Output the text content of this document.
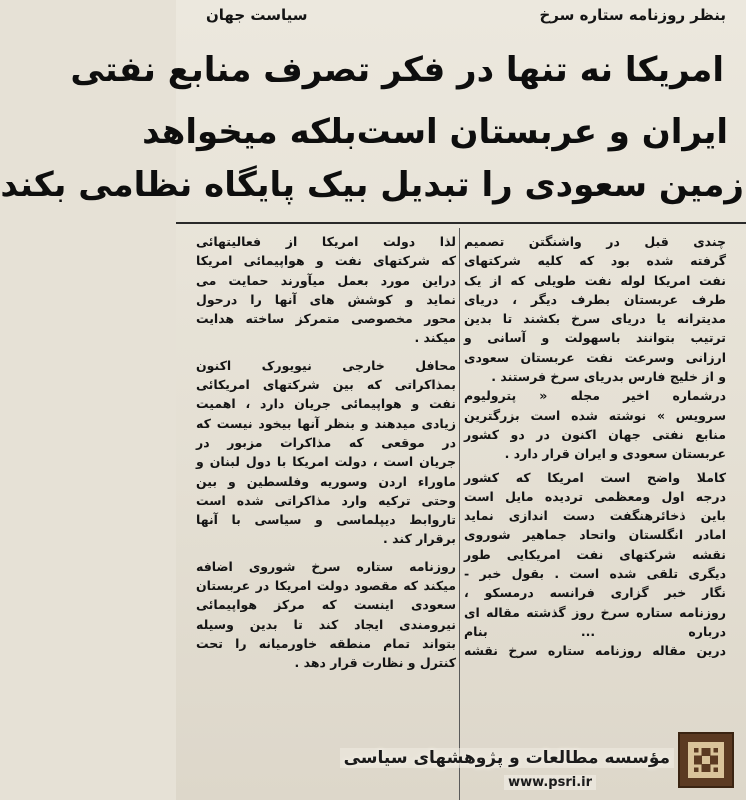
بنظر روزنامه ستاره سرخ
سیاست جهان
امریکا نه تنها در فکر تصرف منابع نفتی
ایران و عربستان است
بلکه میخواهد
زمین سعودی را تبدیل بیک پایگاه نظامی بکند
چندی قبل در واشنگتن تصمیم
گرفته شده بود که کلیه شرکتهای
نفت امریکا لوله نفت طویلی که از یک
طرف عربستان بطرف دیگر ، دریای
مدیترانه یا دریای سرخ بکشند تا بدین
ترتیب بتوانند باسهولت و آسانی و
ارزانی وسرعت نفت عربستان سعودی
و از خلیج فارس بدریای سرخ فرستند .
درشماره اخیر مجله « پترولیوم
سرویس » نوشته شده است بزرگترین
منابع نفتی جهان اکنون در دو کشور
عربستان سعودی و ایران قرار دارد .
کاملا واضح است امریکا که کشور
درجه اول ومعظمی ترديده مایل است
باین ذخائرهنگفت دست اندازی نماید
امادر انگلستان واتحاد جماهیر شوروی
نقشه شرکتهای نفت امریکایی طور
دیگری تلقی شده است . بقول خبر -
نگار خبر گزاری فرانسه درمسکو ،
روزنامه ستاره سرخ روز گذشته مقاله ای
درباره ... بنام
درین مقاله روزنامه ستاره سرخ نقشه
لذا دولت امریکا از فعالیتهائی
که شرکتهای نفت و هواپیمائی امریکا
دراین مورد بعمل میآورند حمایت می
نماید و کوشش های آنها را درحول
محور مخصوصی متمرکز ساخته هدایت
میکند .
محافل خارجی نیویورک اکنون
بمذاکراتی که بین شرکتهای امریکائی
نفت و هواپیمائی جریان دارد ، اهمیت
زیادی میدهند و بنظر آنها بیخود نیست که
در موقعی که مذاکرات مزبور در
جریان است ، دولت امریکا با دول لبنان و
ماوراء اردن وسوریه وفلسطین و بین
وحتی ترکیه وارد مذاکراتی شده است
تاروابط دیپلماسی و سیاسی با آنها
برقرار کند .
روزنامه ستاره سرخ شوروی اضافه
میکند که مقصود دولت امریکا در عربستان
سعودی اینست که مرکز هواپیمائی
نیرومندی ایجاد کند تا بدین وسیله
بتواند تمام منطقه خاورمیانه را تحت
کنترل و نظارت قرار دهد .
مؤسسه مطالعات و پژوهشهای سیاسی
www.psri.ir
